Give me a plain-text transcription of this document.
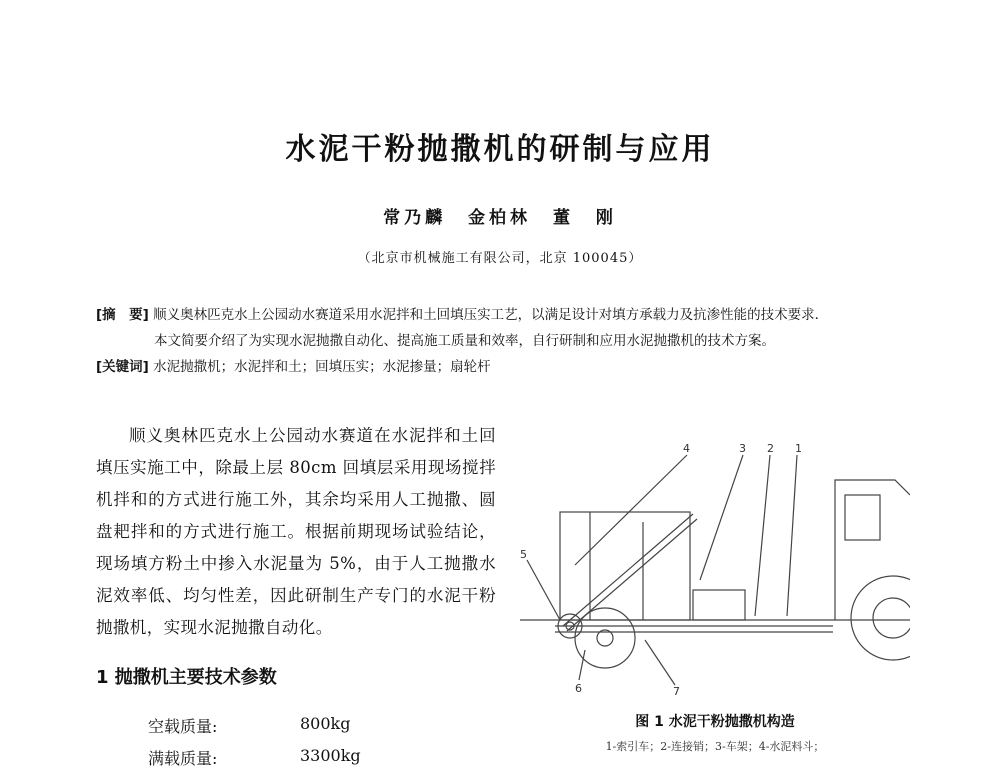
水泥干粉抛撒机的研制与应用
常乃麟 金柏林 董 刚
（北京市机械施工有限公司，北京 100045）
[摘　要] 顺义奥林匹克水上公园动水赛道采用水泥拌和土回填压实工艺，以满足设计对填方承载力及抗渗性能的技术要求．
本文简要介绍了为实现水泥抛撒自动化、提高施工质量和效率，自行研制和应用水泥抛撒机的技术方案。
[关键词] 水泥抛撒机；水泥拌和土；回填压实；水泥掺量；扇轮杆

顺义奥林匹克水上公园动水赛道在水泥拌和土回填压实施工中，除最上层 80cm 回填层采用现场搅拌机拌和的方式进行施工外，其余均采用人工抛撒、圆盘耙拌和的方式进行施工。根据前期现场试验结论，现场填方粉土中掺入水泥量为 5%，由于人工抛撒水泥效率低、均匀性差，因此研制生产专门的水泥干粉抛撒机，实现水泥抛撒自动化。

1 抛撒机主要技术参数
空载质量:	800kg
满载质量:	3300kg
4	3 2 1
5
6	7
图 1 水泥干粉抛撒机构造
1-索引车；2-连接销；3-车架；4-水泥料斗；
